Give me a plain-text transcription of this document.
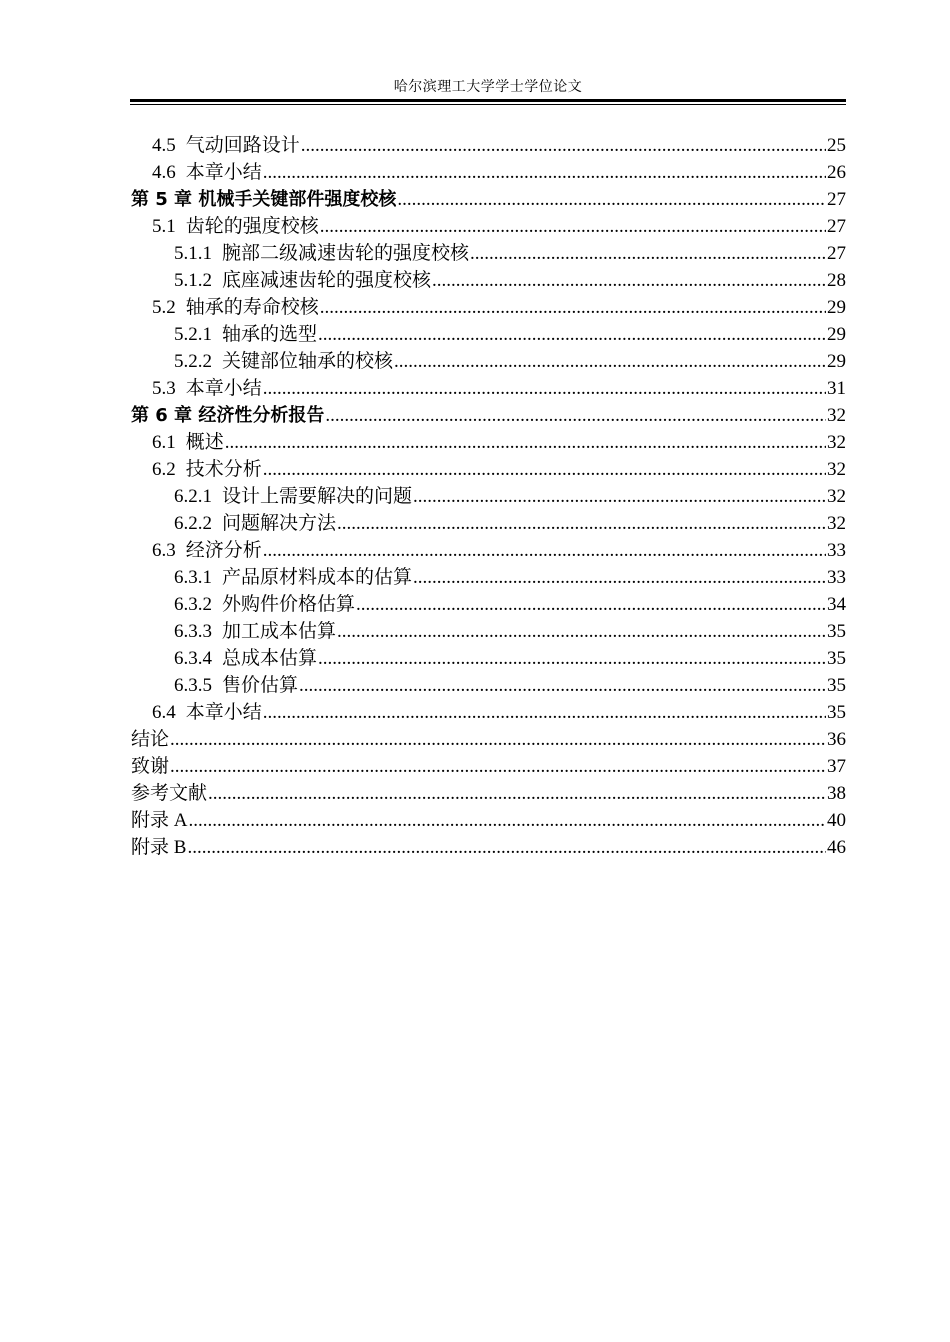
哈尔滨理工大学学士学位论文
4.5 气动回路设计 .....	25
4.6 本章小结 .....	26
第 5 章 机械手关键部件强度校核 .....	27
5.1 齿轮的强度校核 .....	27
5.1.1 腕部二级减速齿轮的强度校核 .....	27
5.1.2 底座减速齿轮的强度校核 .....	28
5.2 轴承的寿命校核 .....	29
5.2.1 轴承的选型 .....	29
5.2.2 关键部位轴承的校核 .....	29
5.3 本章小结 .....	31
第 6 章 经济性分析报告 .....	32
6.1 概述 .....	32
6.2 技术分析 .....	32
6.2.1 设计上需要解决的问题 .....	32
6.2.2 问题解决方法 .....	32
6.3 经济分析 .....	33
6.3.1 产品原材料成本的估算 .....	33
6.3.2 外购件价格估算 .....	34
6.3.3 加工成本估算 .....	35
6.3.4 总成本估算 .....	35
6.3.5 售价估算 .....	35
6.4 本章小结 .....	35
结论 .....	36
致谢 .....	37
参考文献 .....	38
附录 A .....	40
附录 B .....	46
